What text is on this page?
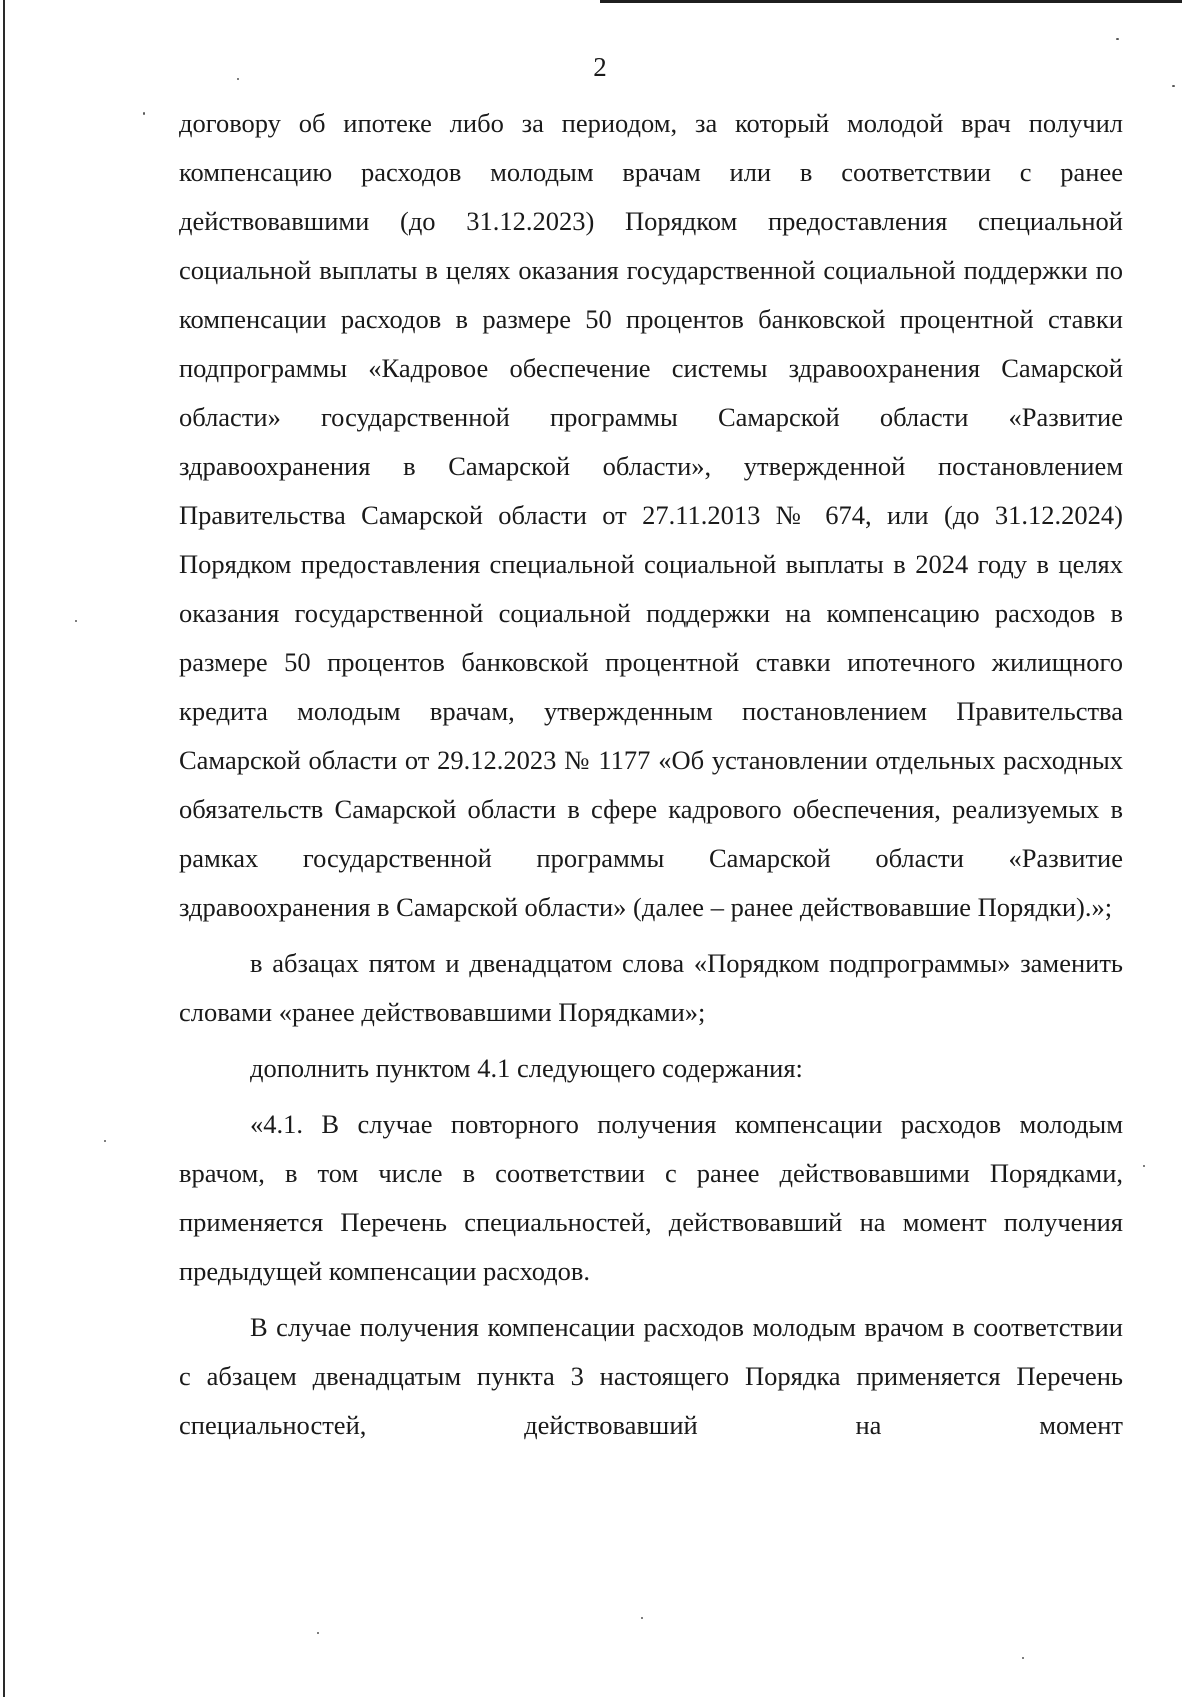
2

договору об ипотеке либо за периодом, за который молодой врач получил компенсацию расходов молодым врачам или в соответствии с ранее действовавшими (до 31.12.2023) Порядком предоставления специальной социальной выплаты в целях оказания государственной социальной поддержки по компенсации расходов в размере 50 процентов банковской процентной ставки подпрограммы «Кадровое обеспечение системы здравоохранения Самарской области» государственной программы Самарской области «Развитие здравоохранения в Самарской области», утвержденной постановлением Правительства Самарской области от 27.11.2013 № 674, или (до 31.12.2024) Порядком предоставления специальной социальной выплаты в 2024 году в целях оказания государственной социальной поддержки на компенсацию расходов в размере 50 процентов банковской процентной ставки ипотечного жилищного кредита молодым врачам, утвержденным постановлением Правительства Самарской области от 29.12.2023 № 1177 «Об установлении отдельных расходных обязательств Самарской области в сфере кадрового обеспечения, реализуемых в рамках государственной программы Самарской области «Развитие здравоохранения в Самарской области» (далее – ранее действовавшие Порядки).»;

в абзацах пятом и двенадцатом слова «Порядком подпрограммы» заменить словами «ранее действовавшими Порядками»;

дополнить пунктом 4.1 следующего содержания:

«4.1. В случае повторного получения компенсации расходов молодым врачом, в том числе в соответствии с ранее действовавшими Порядками, применяется Перечень специальностей, действовавший на момент получения предыдущей компенсации расходов.

В случае получения компенсации расходов молодым врачом в соответствии с абзацем двенадцатым пункта 3 настоящего Порядка применяется Перечень специальностей, действовавший на момент
